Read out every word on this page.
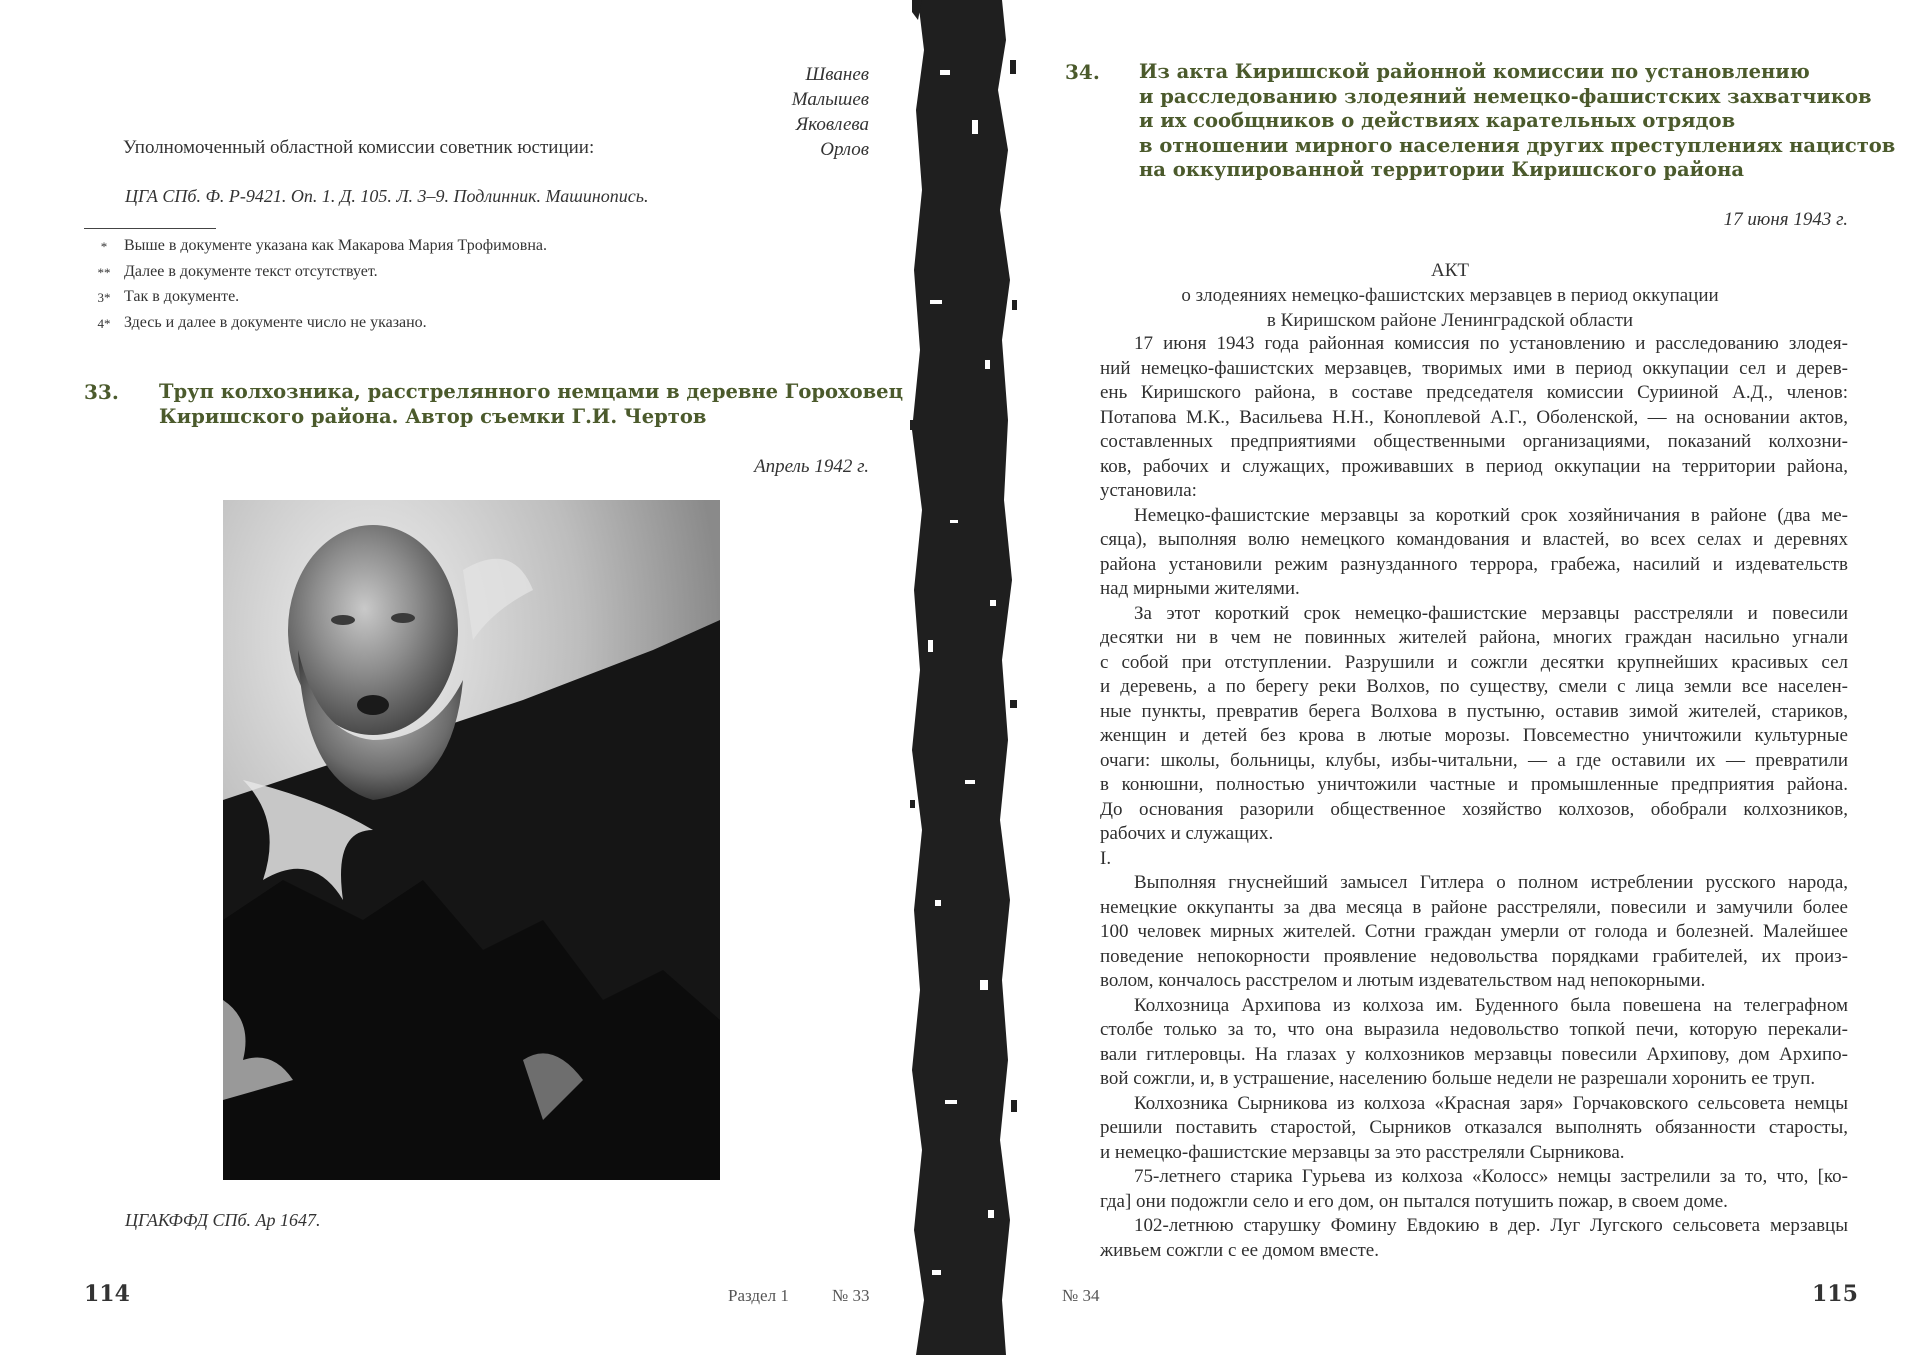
Шванев
Малышев
Яковлева
Орлов
Уполномоченный областной комиссии советник юстиции:
ЦГА СПб. Ф. Р-9421. Оп. 1. Д. 105. Л. 3–9. Подлинник. Машинопись.
*	Выше в документе указана как Макарова Мария Трофимовна.
** Далее в документе текст отсутствует.
3* Так в документе.
4* Здесь и далее в документе число не указано.
33. Труп колхозника, расстрелянного немцами в деревне Гороховец
Киришского района. Автор съемки Г.И. Чертов
Апрель 1942 г.
ЦГАКФФД СПб. Ар 1647.
114	Раздел 1	№ 33
34. Из акта Киришской районной комиссии по установлению
и расследованию злодеяний немецко-фашистских захватчиков
и их сообщников о действиях карательных отрядов
в отношении мирного населения других преступлениях нацистов
на оккупированной территории Киришского района
17 июня 1943 г.
АКТ
о злодеяниях немецко-фашистских мерзавцев в период оккупации
в Киришском районе Ленинградской области
17 июня 1943 года районная комиссия по установлению и расследованию злодея-
ний немецко-фашистских мерзавцев, творимых ими в период оккупации сел и дерев-
ень Киришского района, в составе председателя комиссии Сурииной А.Д., членов:
Потапова М.К., Васильева Н.Н., Коноплевой А.Г., Оболенской, — на основании актов,
составленных предприятиями общественными организациями, показаний колхозни-
ков, рабочих и служащих, проживавших в период оккупации на территории района,
установила:
Немецко-фашистские мерзавцы за короткий срок хозяйничания в районе (два ме-
сяца), выполняя волю немецкого командования и властей, во всех селах и деревнях
района установили режим разнузданного террора, грабежа, насилий и издевательств
над мирными жителями.
За этот короткий срок немецко-фашистские мерзавцы расстреляли и повесили
десятки ни в чем не повинных жителей района, многих граждан насильно угнали
с собой при отступлении. Разрушили и сожгли десятки крупнейших красивых сел
и деревень, а по берегу реки Волхов, по существу, смели с лица земли все населен-
ные пункты, превратив берега Волхова в пустыню, оставив зимой жителей, стариков,
женщин и детей без крова в лютые морозы. Повсеместно уничтожили культурные
очаги: школы, больницы, клубы, избы-читальни, — а где оставили их — превратили
в конюшни, полностью уничтожили частные и промышленные предприятия района.
До основания разорили общественное хозяйство колхозов, обобрали колхозников,
рабочих и служащих.
I.
Выполняя гнуснейший замысел Гитлера о полном истреблении русского народа,
немецкие оккупанты за два месяца в районе расстреляли, повесили и замучили более
100 человек мирных жителей. Сотни граждан умерли от голода и болезней. Малейшее
поведение непокорности проявление недовольства порядками грабителей, их произ-
волом, кончалось расстрелом и лютым издевательством над непокорными.
Колхозница Архипова из колхоза им. Буденного была повешена на телеграфном
столбе только за то, что она выразила недовольство топкой печи, которую перекали-
вали гитлеровцы. На глазах у колхозников мерзавцы повесили Архипову, дом Архипо-
вой сожгли, и, в устрашение, населению больше недели не разрешали хоронить ее труп.
Колхозника Сырникова из колхоза «Красная заря» Горчаковского сельсовета немцы
решили поставить старостой, Сырников отказался выполнять обязанности старосты,
и немецко-фашистские мерзавцы за это расстреляли Сырникова.
75-летнего старика Гурьева из колхоза «Колосс» немцы застрелили за то, что, [ко-
гда] они подожгли село и его дом, он пытался потушить пожар, в своем доме.
102-летнюю старушку Фомину Евдокию в дер. Луг Лугского сельсовета мерзавцы
живьем сожгли с ее домом вместе.
№ 34	115
